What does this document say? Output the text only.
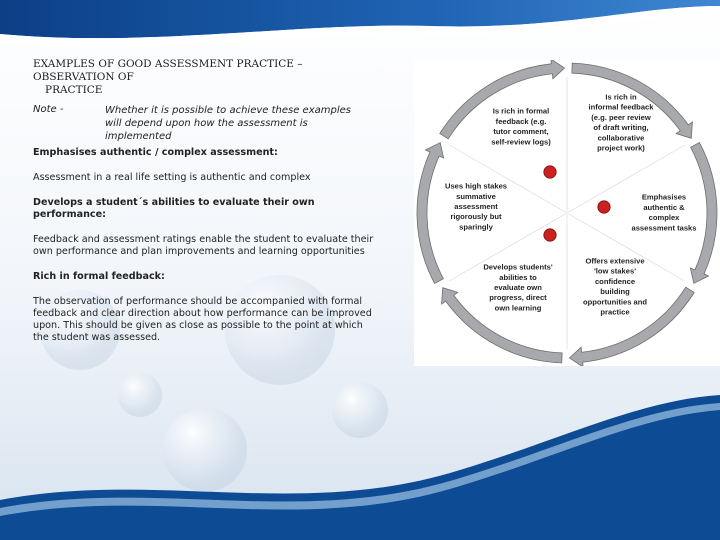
EXAMPLES OF GOOD ASSESSMENT PRACTICE – OBSERVATION OF
PRACTICE
Note -	Whether it is possible to achieve these examples will depend upon how the assessment is implemented

Emphasises authentic / complex assessment:

Assessment in a real life setting is authentic and complex

Develops a student´s abilities to evaluate their own performance:

Feedback and assessment ratings enable the student to evaluate their own performance and plan improvements and learning opportunities

Rich in formal feedback:

The observation of performance should be accompanied with formal feedback and clear direction about how performance can be improved upon. This should be given as close as possible to the point at which the student was assessed.

Is rich in informal feedback (e.g. peer review of draft writing, collaborative project work)
Emphasises authentic & complex assessment tasks
Offers extensive 'low stakes' confidence building opportunities and practice
Develops students' abilities to evaluate own progress, direct own learning
Uses high stakes summative assessment rigorously but sparingly
Is rich in formal feedback (e.g. tutor comment, self-review logs)
